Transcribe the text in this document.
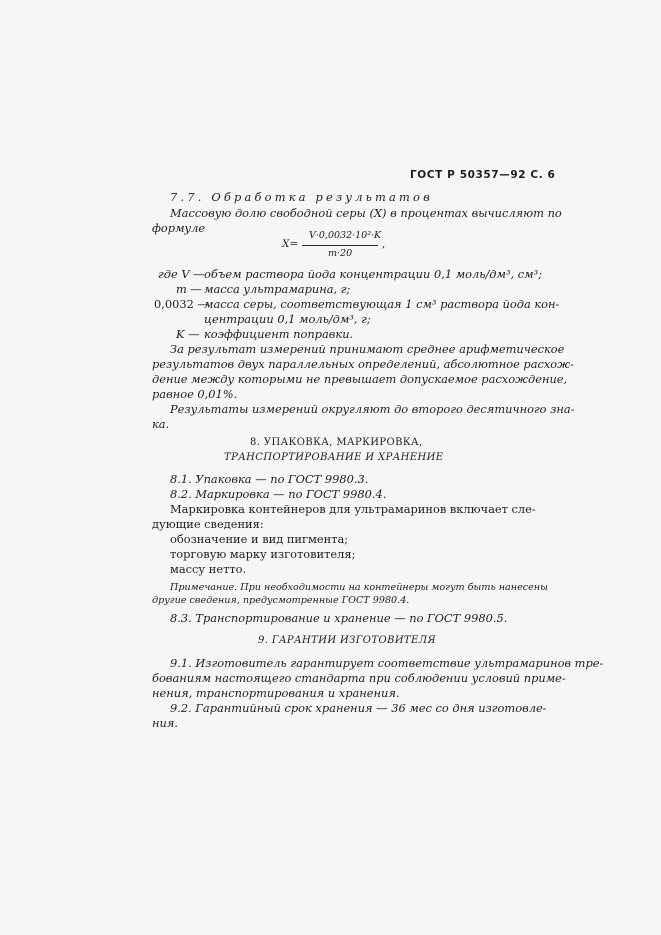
ГОСТ Р 50357—92 С. 6
7.7. Обработка результатов
Массовую долю свободной серы (X) в процентах вычисляют по
формуле
X=
V·0,0032·10²·K
m·20
,
где V — объем раствора йода концентрации 0,1 моль/дм³, см³;
m — масса ультрамарина, г;
0,0032 —
масса серы, соответствующая 1 см³ раствора йода кон-
центрации 0,1 моль/дм³, г;
K — коэффициент поправки.
За результат измерений принимают среднее арифметическое
результатов двух параллельных определений, абсолютное расхож-
дение между которыми не превышает допускаемое расхождение,
равное 0,01%.
Результаты измерений округляют до второго десятичного зна-
ка.
8. УПАКОВКА, МАРКИРОВКА,
ТРАНСПОРТИРОВАНИЕ И ХРАНЕНИЕ
8.1. Упаковка — по ГОСТ 9980.3.
8.2. Маркировка — по ГОСТ 9980.4.
Маркировка контейнеров для ультрамаринов включает сле-
дующие сведения:
обозначение и вид пигмента;
торговую марку изготовителя;
массу нетто.
Примечание. При необходимости на контейнеры могут быть нанесены
другие сведения, предусмотренные ГОСТ 9980.4.
8.3. Транспортирование и хранение — по ГОСТ 9980.5.
9. ГАРАНТИИ ИЗГОТОВИТЕЛЯ
9.1. Изготовитель гарантирует соответствие ультрамаринов тре-
бованиям настоящего стандарта при соблюдении условий приме-
нения, транспортирования и хранения.
9.2. Гарантийный срок хранения — 36 мес со дня изготовле-
ния.
